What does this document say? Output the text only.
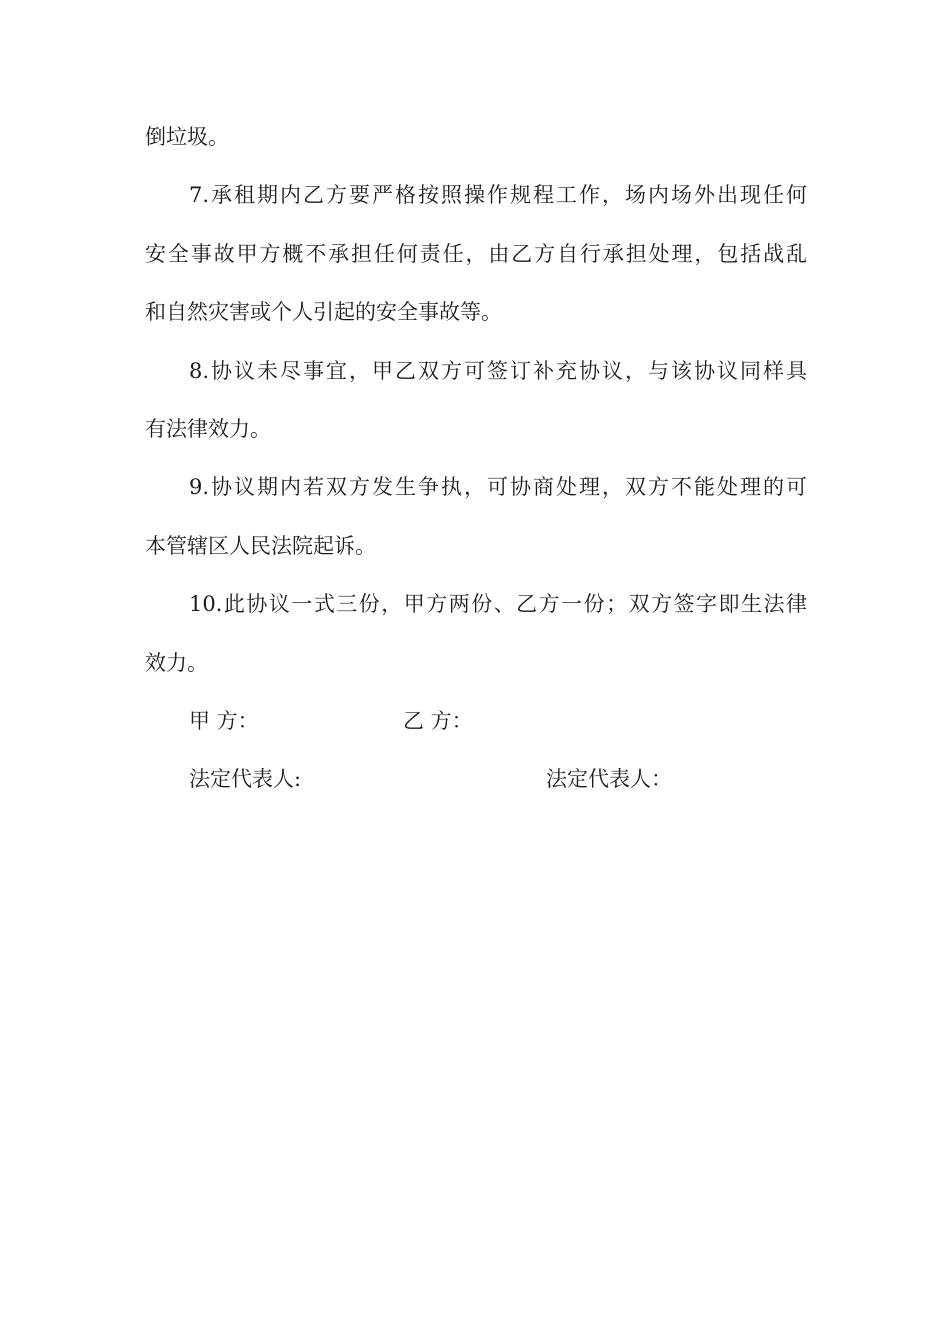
倒垃圾。
7.承租期内乙方要严格按照操作规程工作，场内场外出现任何
安全事故甲方概不承担任何责任，由乙方自行承担处理，包括战乱
和自然灾害或个人引起的安全事故等。
8.协议未尽事宜，甲乙双方可签订补充协议，与该协议同样具
有法律效力。
9.协议期内若双方发生争执，可协商处理，双方不能处理的可
本管辖区人民法院起诉。
10.此协议一式三份，甲方两份、乙方一份；双方签字即生法律
效力。
甲 方：	乙 方：
法定代表人:	法定代表人：
